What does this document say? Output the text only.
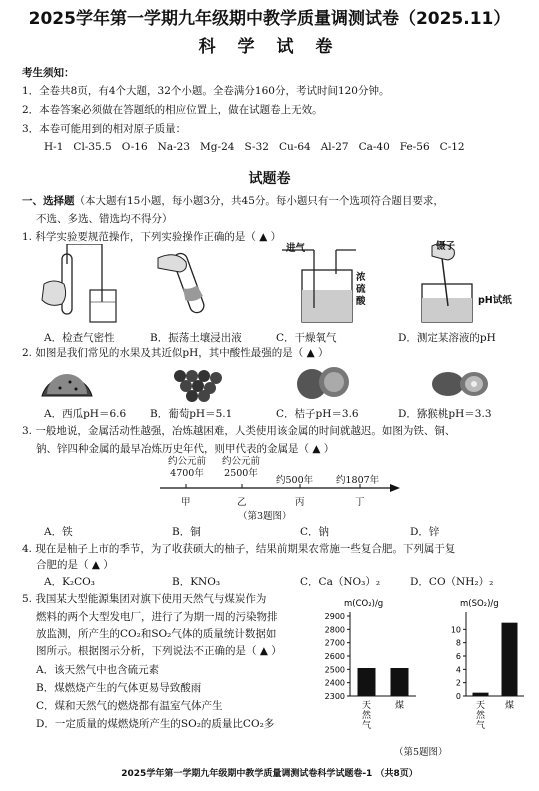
2025学年第一学期九年级期中教学质量调测试卷（2025.11）
科 学 试 卷
考生须知：
1．全卷共8页，有4个大题，32个小题。全卷满分160分，考试时间120分钟。
2．本卷答案必须做在答题纸的相应位置上，做在试题卷上无效。
3．本卷可能用到的相对原子质量：
H-1 Cl-35.5 O-16 Na-23 Mg-24 S-32 Cu-64 Al-27 Ca-40 Fe-56 C-12
试题卷
一、选择题（本大题有15小题，每小题3分，共45分。每小题只有一个选项符合题目要求，
不选、多选、错选均不得分）
1. 科学实验要规范操作，下列实验操作正确的是（ ▲ ）
进气
浓硫酸
镊子
pH试纸
A．检查气密性	B．振荡土壤浸出液	C．干燥氧气	D．测定某溶液的pH
2. 如图是我们常见的水果及其近似pH，其中酸性最强的是（ ▲ ）
A．西瓜pH＝6.6 B．葡萄pH＝5.1	C．桔子pH＝3.6	D．猕猴桃pH＝3.3
3. 一般地说，金属活动性越强，冶炼越困难，人类使用该金属的时间就越迟。如图为铁、铜、
钠、锌四种金属的最早冶炼历史年代，则甲代表的金属是（ ▲ ）
约公元前
4700年
约公元前
2500年
约500年 约1807年
甲	乙	丙	丁
（第3题图）
A．铁	B．铜	C．钠	D．锌
4. 现在是柚子上市的季节，为了收获硕大的柚子，结果前期果农常施一些复合肥。下列属于复
合肥的是（ ▲ ）
A．K₂CO₃	B．KNO₃	C．Ca（NO₃）₂	D．CO（NH₂）₂
5. 我国某大型能源集团对旗下使用天然气与煤炭作为
燃料的两个大型发电厂，进行了为期一周的污染物排
放监测，所产生的CO₂和SO₂气体的质量统计数据如
图所示。根据图示分析，下列说法不正确的是（ ▲ ）
A．该天然气中也含硫元素
B．煤燃烧产生的气体更易导致酸雨
C．煤和天然气的燃烧都有温室气体产生
D．一定质量的煤燃烧所产生的SO₂的质量比CO₂多
m(CO₂)/g
2300
2400
2500
2600
2700
2800
2900
天
然
气
煤
m(SO₂)/g
0
2
4
6
8
10
天
然
气
煤
（第5题图）
2025学年第一学期九年级期中教学质量调测试卷科学试题卷-1 （共8页）
